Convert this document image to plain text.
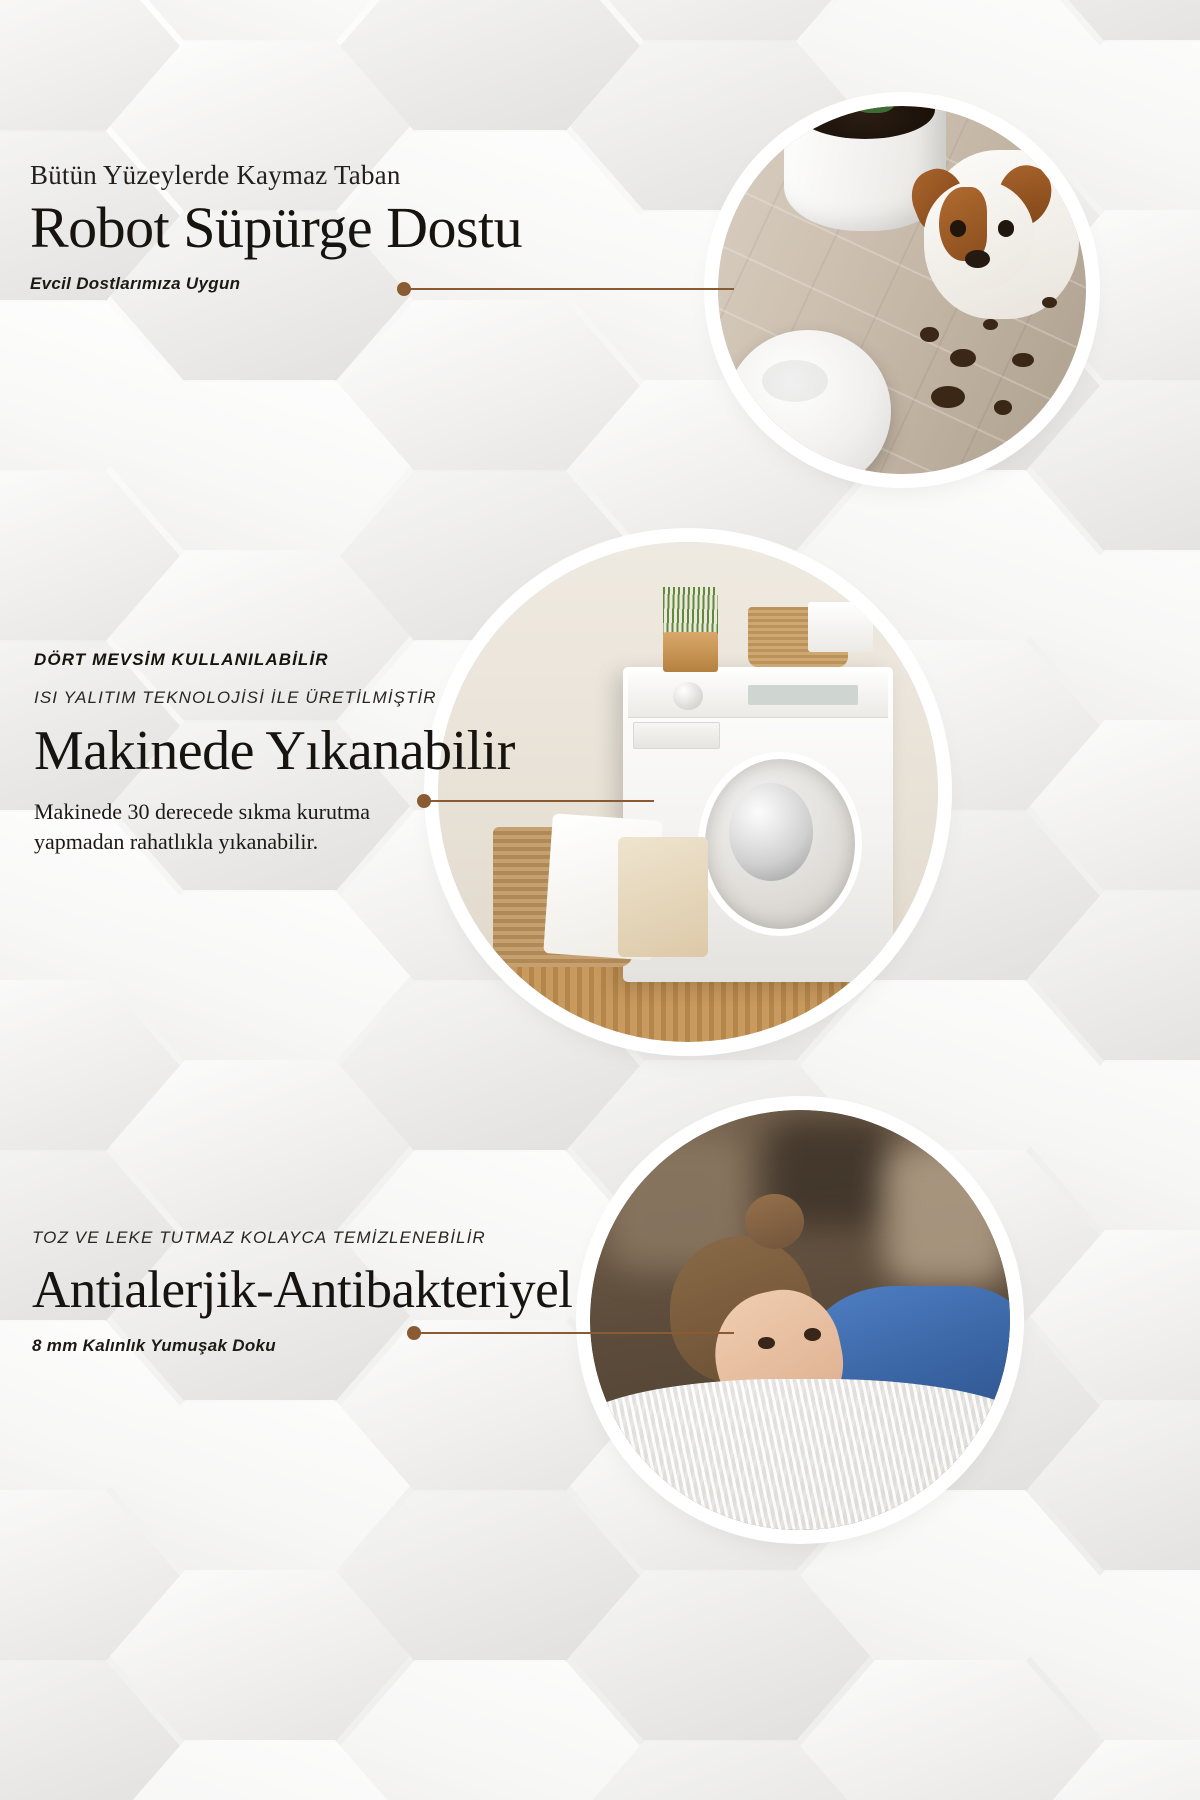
Bütün Yüzeylerde Kaymaz Taban
Robot Süpürge Dostu
Evcil Dostlarımıza Uygun
DÖRT MEVSİM KULLANILABİLİR
ISI YALITIM TEKNOLOJİSİ İLE ÜRETİLMİŞTİR
Makinede Yıkanabilir
Makinede 30 derecede sıkma kurutma yapmadan rahatlıkla yıkanabilir.
TOZ VE LEKE TUTMAZ KOLAYCA TEMİZLENEBİLİR
Antialerjik-Antibakteriyel
8 mm Kalınlık Yumuşak Doku
